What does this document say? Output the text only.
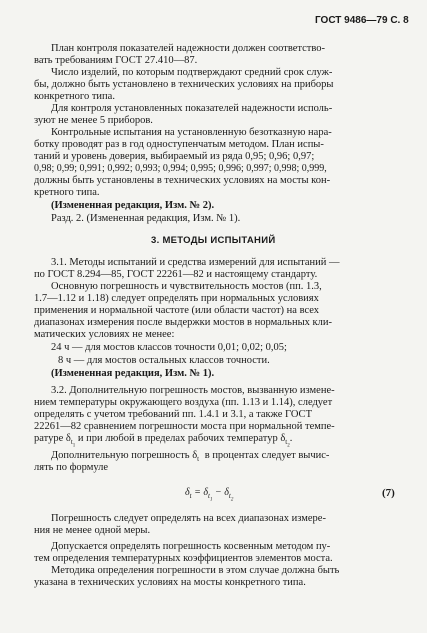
ГОСТ 9486—79 С. 8
План контроля показателей надежности должен соответство-
вать требованиям ГОСТ 27.410—87.
Число изделий, по которым подтверждают средний срок служ-
бы, должно быть установлено в технических условиях на приборы
конкретного типа.
Для контроля установленных показателей надежности исполь-
зуют не менее 5 приборов.
Контрольные испытания на установленную безотказную нара-
ботку проводят раз в год одноступенчатым методом. План испы-
таний и уровень доверия, выбираемый из ряда 0,95; 0,96; 0,97;
0,98; 0,99; 0,991; 0,992; 0,993; 0,994; 0,995; 0,996; 0,997; 0,998; 0,999,
должны быть установлены в технических условиях на мосты кон-
кретного типа.
(Измененная редакция, Изм. № 2).
Разд. 2. (Измененная редакция, Изм. № 1).
3. МЕТОДЫ ИСПЫТАНИЙ
3.1. Методы испытаний и средства измерений для испытаний —
по ГОСТ 8.294—85, ГОСТ 22261—82 и настоящему стандарту.
Основную погрешность и чувствительность мостов (пп. 1.3,
1.7—1.12 и 1.18) следует определять при нормальных условиях
применения и нормальной частоте (или области частот) на всех
диапазонах измерения после выдержки мостов в нормальных кли-
матических условиях не менее:
24 ч — для мостов классов точности 0,01; 0,02; 0,05;
8 ч — для мостов остальных классов точности.
(Измененная редакция, Изм. № 1).
3.2. Дополнительную погрешность мостов, вызванную измене-
нием температуры окружающего воздуха (пп. 1.13 и 1.14), следует
определять с учетом требований пп. 1.4.1 и 3.1, а также ГОСТ
22261—82 сравнением погрешности моста при нормальной темпе-
ратуре $\delta_{t_1}$ и при любой в пределах рабочих температур $\delta_{t_2}$.
Дополнительную погрешность $\delta_t$ в процентах следует вычис-
лять по формуле
$\delta_t = \delta_{t_1} - \delta_{t_2}$
(7)
Погрешность следует определять на всех диапазонах измере-
ния не менее одной меры.
Допускается определять погрешность косвенным методом пу-
тем определения температурных коэффициентов элементов моста.
Методика определения погрешности в этом случае должна быть
указана в технических условиях на мосты конкретного типа.
